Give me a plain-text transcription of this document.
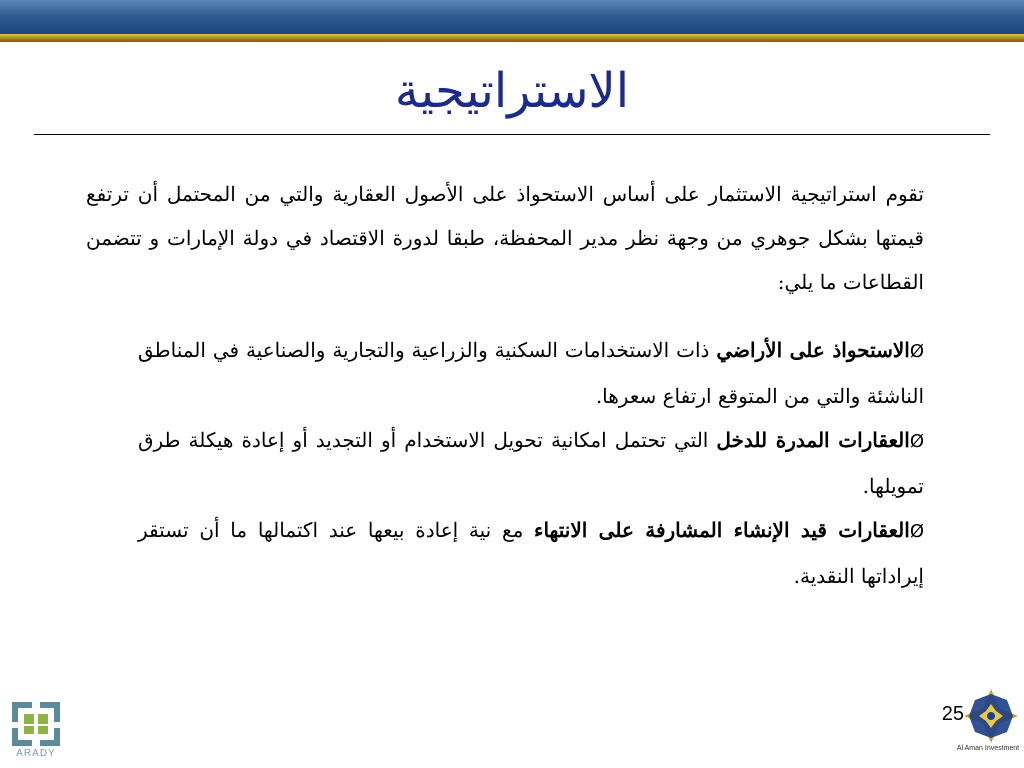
الاستراتيجية

تقوم استراتيجية الاستثمار على أساس الاستحواذ على الأصول العقارية والتي من المحتمل أن ترتفع قيمتها بشكل جوهري من وجهة نظر مدير المحفظة، طبقا لدورة الاقتصاد في دولة الإمارات و تتضمن القطاعات ما يلي:

Øالاستحواذ على الأراضي ذات الاستخدامات السكنية والزراعية والتجارية والصناعية في المناطق الناشئة والتي من المتوقع ارتفاع سعرها.
Øالعقارات المدرة للدخل التي تحتمل امكانية تحويل الاستخدام أو التجديد أو إعادة هيكلة طرق تمويلها.
Øالعقارات قيد الإنشاء المشارفة على الانتهاء مع نية إعادة بيعها عند اكتمالها ما أن تستقر إيراداتها النقدية.
25
ARADY	Al Aman Investment
